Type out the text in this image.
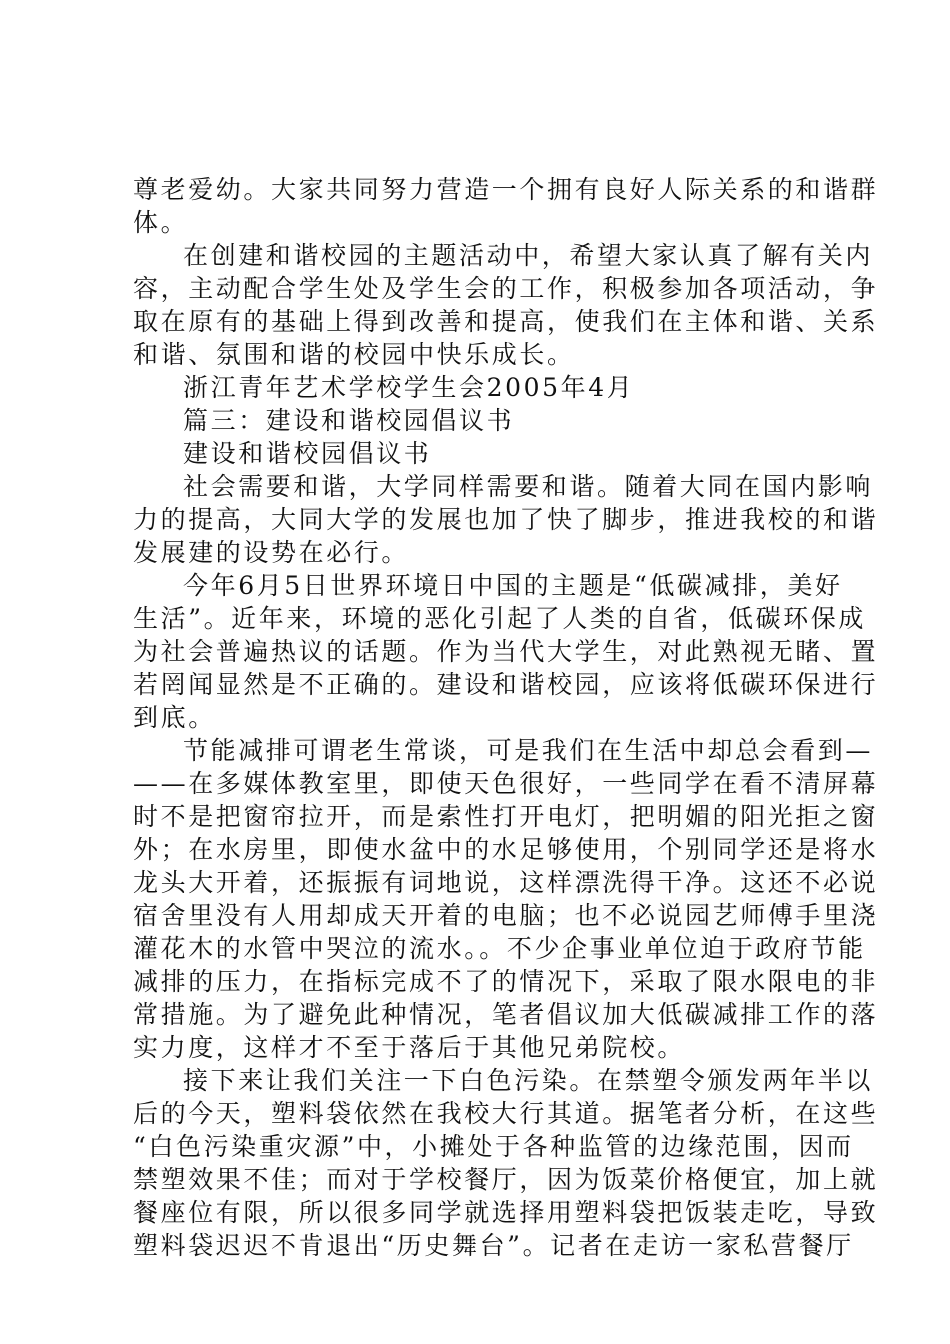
尊老爱幼。大家共同努力营造一个拥有良好人际关系的和谐群
体。
在创建和谐校园的主题活动中，希望大家认真了解有关内
容，主动配合学生处及学生会的工作，积极参加各项活动，争
取在原有的基础上得到改善和提高，使我们在主体和谐、关系
和谐、氛围和谐的校园中快乐成长。
浙江青年艺术学校学生会2005年4月
篇三：建设和谐校园倡议书
建设和谐校园倡议书
社会需要和谐，大学同样需要和谐。随着大同在国内影响
力的提高，大同大学的发展也加了快了脚步，推进我校的和谐
发展建的设势在必行。
今年6月5日世界环境日中国的主题是“低碳减排，美好
生活”。近年来，环境的恶化引起了人类的自省，低碳环保成
为社会普遍热议的话题。作为当代大学生，对此熟视无睹、置
若罔闻显然是不正确的。建设和谐校园，应该将低碳环保进行
到底。
节能减排可谓老生常谈，可是我们在生活中却总会看到—
——在多媒体教室里，即使天色很好，一些同学在看不清屏幕
时不是把窗帘拉开，而是索性打开电灯，把明媚的阳光拒之窗
外；在水房里，即使水盆中的水足够使用，个别同学还是将水
龙头大开着，还振振有词地说，这样漂洗得干净。这还不必说
宿舍里没有人用却成天开着的电脑；也不必说园艺师傅手里浇
灌花木的水管中哭泣的流水。。不少企事业单位迫于政府节能
减排的压力，在指标完成不了的情况下，采取了限水限电的非
常措施。为了避免此种情况，笔者倡议加大低碳减排工作的落
实力度，这样才不至于落后于其他兄弟院校。
接下来让我们关注一下白色污染。在禁塑令颁发两年半以
后的今天，塑料袋依然在我校大行其道。据笔者分析，在这些
“白色污染重灾源”中，小摊处于各种监管的边缘范围，因而
禁塑效果不佳；而对于学校餐厅，因为饭菜价格便宜，加上就
餐座位有限，所以很多同学就选择用塑料袋把饭装走吃，导致
塑料袋迟迟不肯退出“历史舞台”。记者在走访一家私营餐厅
